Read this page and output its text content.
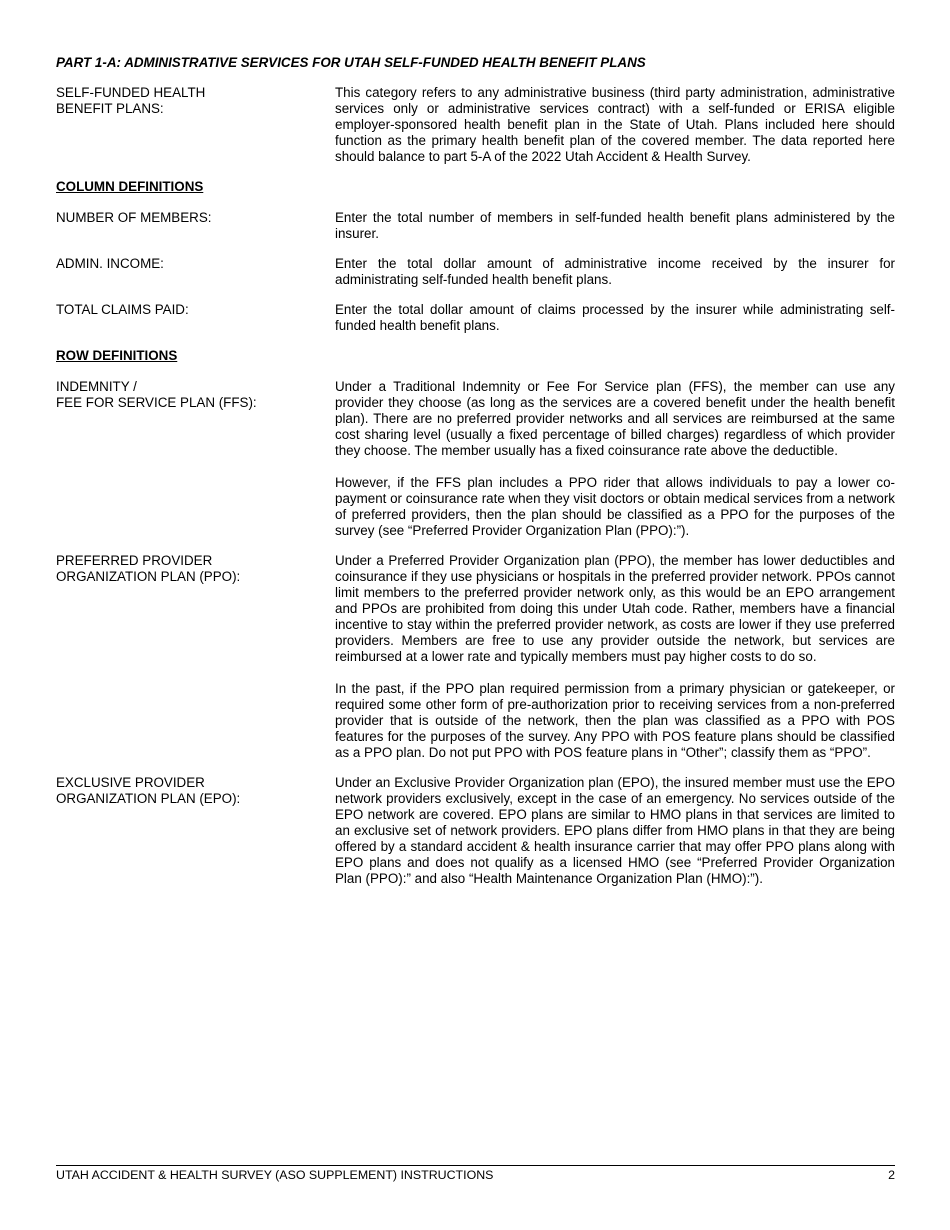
PART 1-A: ADMINISTRATIVE SERVICES FOR UTAH SELF-FUNDED HEALTH BENEFIT PLANS
SELF-FUNDED HEALTH
BENEFIT PLANS:
This category refers to any administrative business (third party administration, administrative services only or administrative services contract) with a self-funded or ERISA eligible employer-sponsored health benefit plan in the State of Utah. Plans included here should function as the primary health benefit plan of the covered member. The data reported here should balance to part 5-A of the 2022 Utah Accident & Health Survey.
COLUMN DEFINITIONS
NUMBER OF MEMBERS:	Enter the total number of members in self-funded health benefit plans administered by the insurer.
ADMIN. INCOME:	Enter the total dollar amount of administrative income received by the insurer for administrating self-funded health benefit plans.
TOTAL CLAIMS PAID:	Enter the total dollar amount of claims processed by the insurer while administrating self-funded health benefit plans.
ROW DEFINITIONS
INDEMNITY /
FEE FOR SERVICE PLAN (FFS):

Under a Traditional Indemnity or Fee For Service plan (FFS), the member can use any provider they choose (as long as the services are a covered benefit under the health benefit plan). There are no preferred provider networks and all services are reimbursed at the same cost sharing level (usually a fixed percentage of billed charges) regardless of which provider they choose. The member usually has a fixed coinsurance rate above the deductible.

However, if the FFS plan includes a PPO rider that allows individuals to pay a lower co-payment or coinsurance rate when they visit doctors or obtain medical services from a network of preferred providers, then the plan should be classified as a PPO for the purposes of the survey (see “Preferred Provider Organization Plan (PPO):”).

PREFERRED PROVIDER
ORGANIZATION PLAN (PPO):

Under a Preferred Provider Organization plan (PPO), the member has lower deductibles and coinsurance if they use physicians or hospitals in the preferred provider network. PPOs cannot limit members to the preferred provider network only, as this would be an EPO arrangement and PPOs are prohibited from doing this under Utah code. Rather, members have a financial incentive to stay within the preferred provider network, as costs are lower if they use preferred providers. Members are free to use any provider outside the network, but services are reimbursed at a lower rate and typically members must pay higher costs to do so.

In the past, if the PPO plan required permission from a primary physician or gatekeeper, or required some other form of pre-authorization prior to receiving services from a non-preferred provider that is outside of the network, then the plan was classified as a PPO with POS features for the purposes of the survey. Any PPO with POS feature plans should be classified as a PPO plan. Do not put PPO with POS feature plans in “Other”; classify them as “PPO”.

EXCLUSIVE PROVIDER
ORGANIZATION PLAN (EPO):

Under an Exclusive Provider Organization plan (EPO), the insured member must use the EPO network providers exclusively, except in the case of an emergency. No services outside of the EPO network are covered. EPO plans are similar to HMO plans in that services are limited to an exclusive set of network providers. EPO plans differ from HMO plans in that they are being offered by a standard accident & health insurance carrier that may offer PPO plans along with EPO plans and does not qualify as a licensed HMO (see “Preferred Provider Organization Plan (PPO):” and also “Health Maintenance Organization Plan (HMO):”).

UTAH ACCIDENT & HEALTH SURVEY (ASO SUPPLEMENT) INSTRUCTIONS	2
